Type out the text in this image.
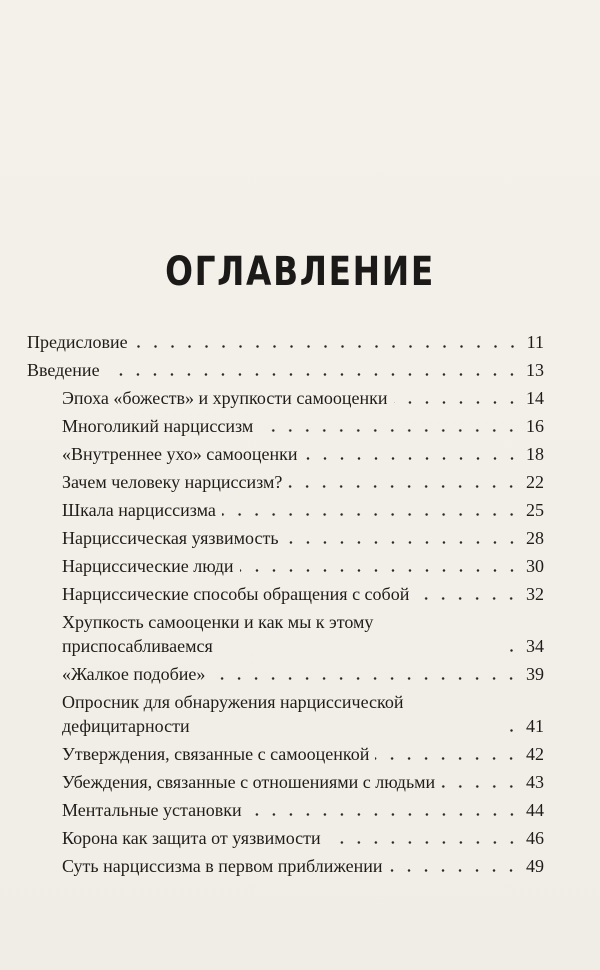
ОГЛАВЛЕНИЕ
Предисловие	11
Введение	13
Эпоха «божеств» и хрупкости самооценки	14
Многоликий нарциссизм	16
«Внутреннее ухо» самооценки	18
Зачем человеку нарциссизм?	22
Шкала нарциссизма	25
Нарциссическая уязвимость	28
Нарциссические люди	30
Нарциссические способы обращения с собой	32
Хрупкость самооценки и как мы к этому приспосабливаемся	34
«Жалкое подобие»	39
Опросник для обнаружения нарциссической дефицитарности	41
Утверждения, связанные с самооценкой	42
Убеждения, связанные с отношениями с людьми	43
Ментальные установки	44
Корона как защита от уязвимости	46
Суть нарциссизма в первом приближении	49
